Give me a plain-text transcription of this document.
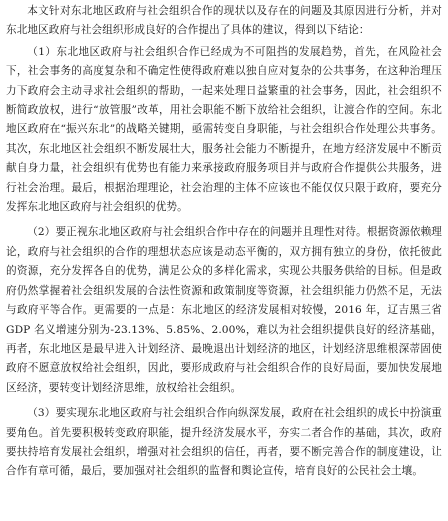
本文针对东北地区政府与社会组织合作的现状以及存在的问题及其原因进行分析，并对东北地区政府与社会组织形成良好的合作提出了具体的建议，得到以下结论：

（1）东北地区政府与社会组织合作已经成为不可阻挡的发展趋势，首先，在风险社会下，社会事务的高度复杂和不确定性使得政府难以独自应对复杂的公共事务，在这种治理压力下政府会主动寻求社会组织的帮助，一起来处理日益繁重的社会事务，因此，社会组织不断简政放权，进行“放管服”改革，用社会职能不断下放给社会组织，让渡合作的空间。东北地区政府在“振兴东北”的战略关键期，亟需转变自身职能，与社会组织合作处理公共事务。其次，东北地区社会组织不断发展壮大，服务社会能力不断提升，在地方经济发展中不断贡献自身力量，社会组织有优势也有能力来承接政府服务项目并与政府合作提供公共服务，进行社会治理。最后，根据治理理论，社会治理的主体不应该也不能仅仅只限于政府，要充分发挥东北地区政府与社会组织的优势。

（2）要正视东北地区政府与社会组织合作中存在的问题并且理性对待。根据资源依赖理论，政府与社会组织的合作的理想状态应该是动态平衡的，双方拥有独立的身份，依托彼此的资源，充分发挥各自的优势，满足公众的多样化需求，实现公共服务供给的目标。但是政府仍然掌握着社会组织发展的合法性资源和政策制度等资源，社会组织能力仍然不足，无法与政府平等合作。更需要的一点是：东北地区的经济发展相对较慢，2016 年，辽吉黑三省 GDP 名义增速分别为-23.13%、5.85%、2.00%，难以为社会组织提供良好的经济基础，再者，东北地区是最早进入计划经济、最晚退出计划经济的地区，计划经济思维根深蒂固使政府不愿意放权给社会组织，因此，要形成政府与社会组织合作的良好局面，要加快发展地区经济，要转变计划经济思维，放权给社会组织。

（3）要实现东北地区政府与社会组织合作向纵深发展，政府在社会组织的成长中扮演重要角色。首先要积极转变政府职能，提升经济发展水平，夯实二者合作的基础，其次，政府要扶持培育发展社会组织，增强对社会组织的信任，再者，要不断完善合作的制度建设，让合作有章可循，最后，要加强对社会组织的监督和舆论宣传，培育良好的公民社会土壤。
